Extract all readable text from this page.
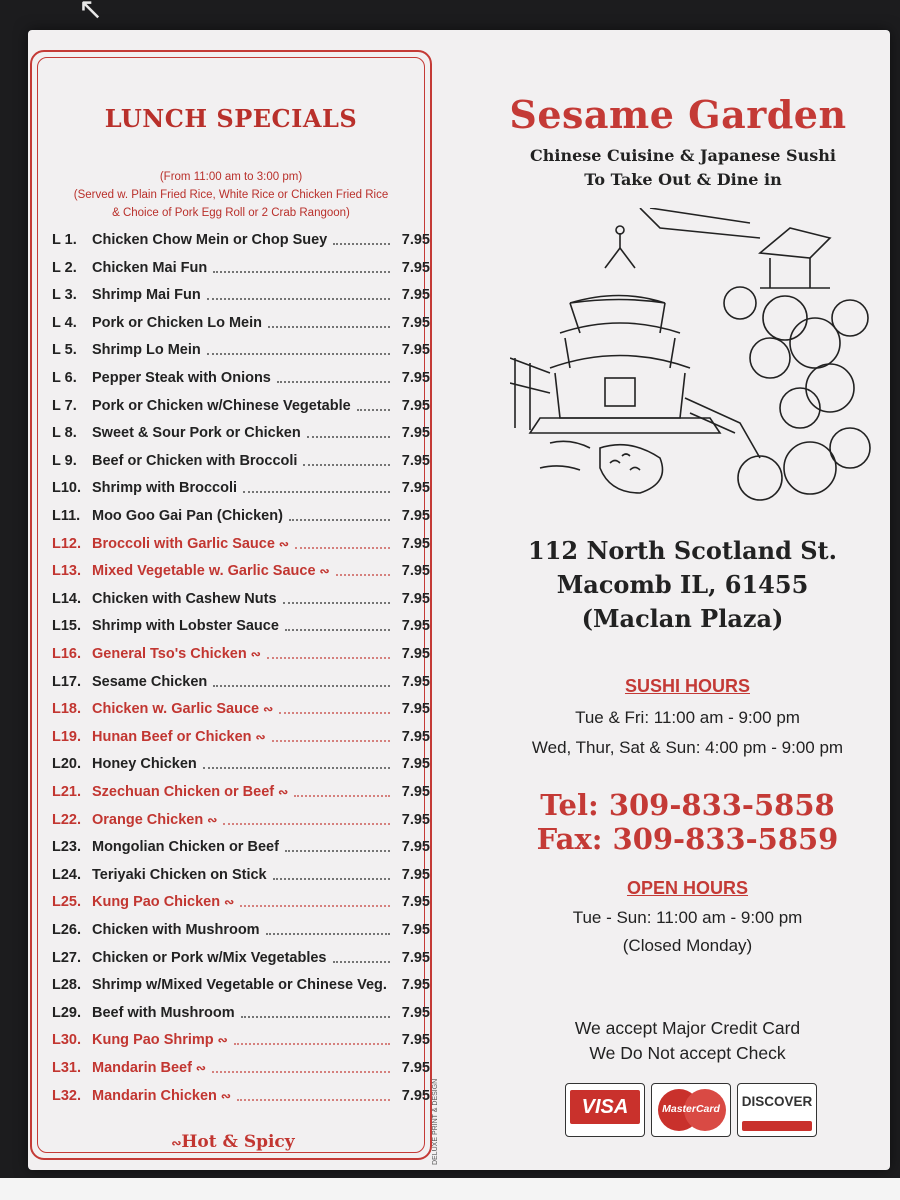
↖
LUNCH SPECIALS
(From 11:00 am to 3:00 pm)
(Served w. Plain Fried Rice, White Rice or Chicken Fried Rice
& Choice of Pork Egg Roll or 2 Crab Rangoon)
L 1. Chicken Chow Mein or Chop Suey	7.95
L 2. Chicken Mai Fun	7.95
L 3. Shrimp Mai Fun	7.95
L 4. Pork or Chicken Lo Mein	7.95
L 5. Shrimp Lo Mein	7.95
L 6. Pepper Steak with Onions	7.95
L 7. Pork or Chicken w/Chinese Vegetable	7.95
L 8. Sweet & Sour Pork or Chicken	7.95
L 9. Beef or Chicken with Broccoli	7.95
L10. Shrimp with Broccoli	7.95
L11. Moo Goo Gai Pan (Chicken)	7.95
L12. Broccoli with Garlic Sauce ∾	7.95
L13. Mixed Vegetable w. Garlic Sauce ∾	7.95
L14. Chicken with Cashew Nuts	7.95
L15. Shrimp with Lobster Sauce	7.95
L16. General Tso's Chicken ∾	7.95
L17. Sesame Chicken	7.95
L18. Chicken w. Garlic Sauce ∾	7.95
L19. Hunan Beef or Chicken ∾	7.95
L20. Honey Chicken	7.95
L21. Szechuan Chicken or Beef ∾	7.95
L22. Orange Chicken ∾	7.95
L23. Mongolian Chicken or Beef	7.95
L24. Teriyaki Chicken on Stick	7.95
L25. Kung Pao Chicken ∾	7.95
L26. Chicken with Mushroom	7.95
L27. Chicken or Pork w/Mix Vegetables	7.95
L28. Shrimp w/Mixed Vegetable or Chinese Veg. 7.95
L29. Beef with Mushroom	7.95
L30. Kung Pao Shrimp ∾	7.95
L31. Mandarin Beef ∾	7.95
L32. Mandarin Chicken ∾	7.95
∾Hot & Spicy
Sesame Garden
Chinese Cuisine & Japanese Sushi
To Take Out & Dine in
112 North Scotland St.
Macomb IL, 61455
(Maclan Plaza)
SUSHI HOURS
Tue & Fri: 11:00 am - 9:00 pm
Wed, Thur, Sat & Sun: 4:00 pm - 9:00 pm
Tel: 309-833-5858
Fax: 309-833-5859
OPEN HOURS
Tue - Sun: 11:00 am - 9:00 pm
(Closed Monday)
We accept Major Credit Card
We Do Not accept Check
VISA	MasterCard	DISCOVER
DELUXE PRINT & DESIGN
